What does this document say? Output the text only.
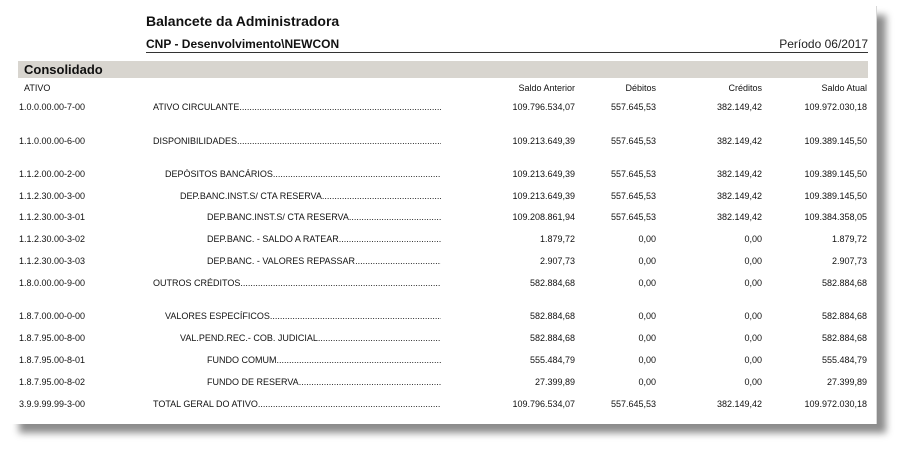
Balancete da Administradora
CNP - Desenvolvimento\NEWCON	Período 06/2017
Consolidado
ATIVO	Saldo Anterior	Débitos	Créditos	Saldo Atual
1.0.0.00.00-7-00	ATIVO CIRCULANTE .....	109.796.534,07	557.645,53	382.149,42	109.972.030,18
1.1.0.00.00-6-00	DISPONIBILIDADES .....	109.213.649,39	557.645,53	382.149,42	109.389.145,50
1.1.2.00.00-2-00	DEPÓSITOS BANCÁRIOS .....	109.213.649,39	557.645,53	382.149,42	109.389.145,50
1.1.2.30.00-3-00	DEP.BANC.INST.S/ CTA RESERVA .....	109.213.649,39	557.645,53	382.149,42	109.389.145,50
1.1.2.30.00-3-01	DEP.BANC.INST.S/ CTA RESERVA .....	109.208.861,94	557.645,53	382.149,42	109.384.358,05
1.1.2.30.00-3-02	DEP.BANC. - SALDO A RATEAR .....	1.879,72	0,00	0,00	1.879,72
1.1.2.30.00-3-03	DEP.BANC. - VALORES REPASSAR .....	2.907,73	0,00	0,00	2.907,73
1.8.0.00.00-9-00	OUTROS CRÉDITOS .....	582.884,68	0,00	0,00	582.884,68
1.8.7.00.00-0-00	VALORES ESPECÍFICOS .....	582.884,68	0,00	0,00	582.884,68
1.8.7.95.00-8-00	VAL.PEND.REC.- COB. JUDICIAL .....	582.884,68	0,00	0,00	582.884,68
1.8.7.95.00-8-01	FUNDO COMUM .....	555.484,79	0,00	0,00	555.484,79
1.8.7.95.00-8-02	FUNDO DE RESERVA .....	27.399,89	0,00	0,00	27.399,89
3.9.9.99.99-3-00	TOTAL GERAL DO ATIVO .....	109.796.534,07	557.645,53	382.149,42	109.972.030,18
